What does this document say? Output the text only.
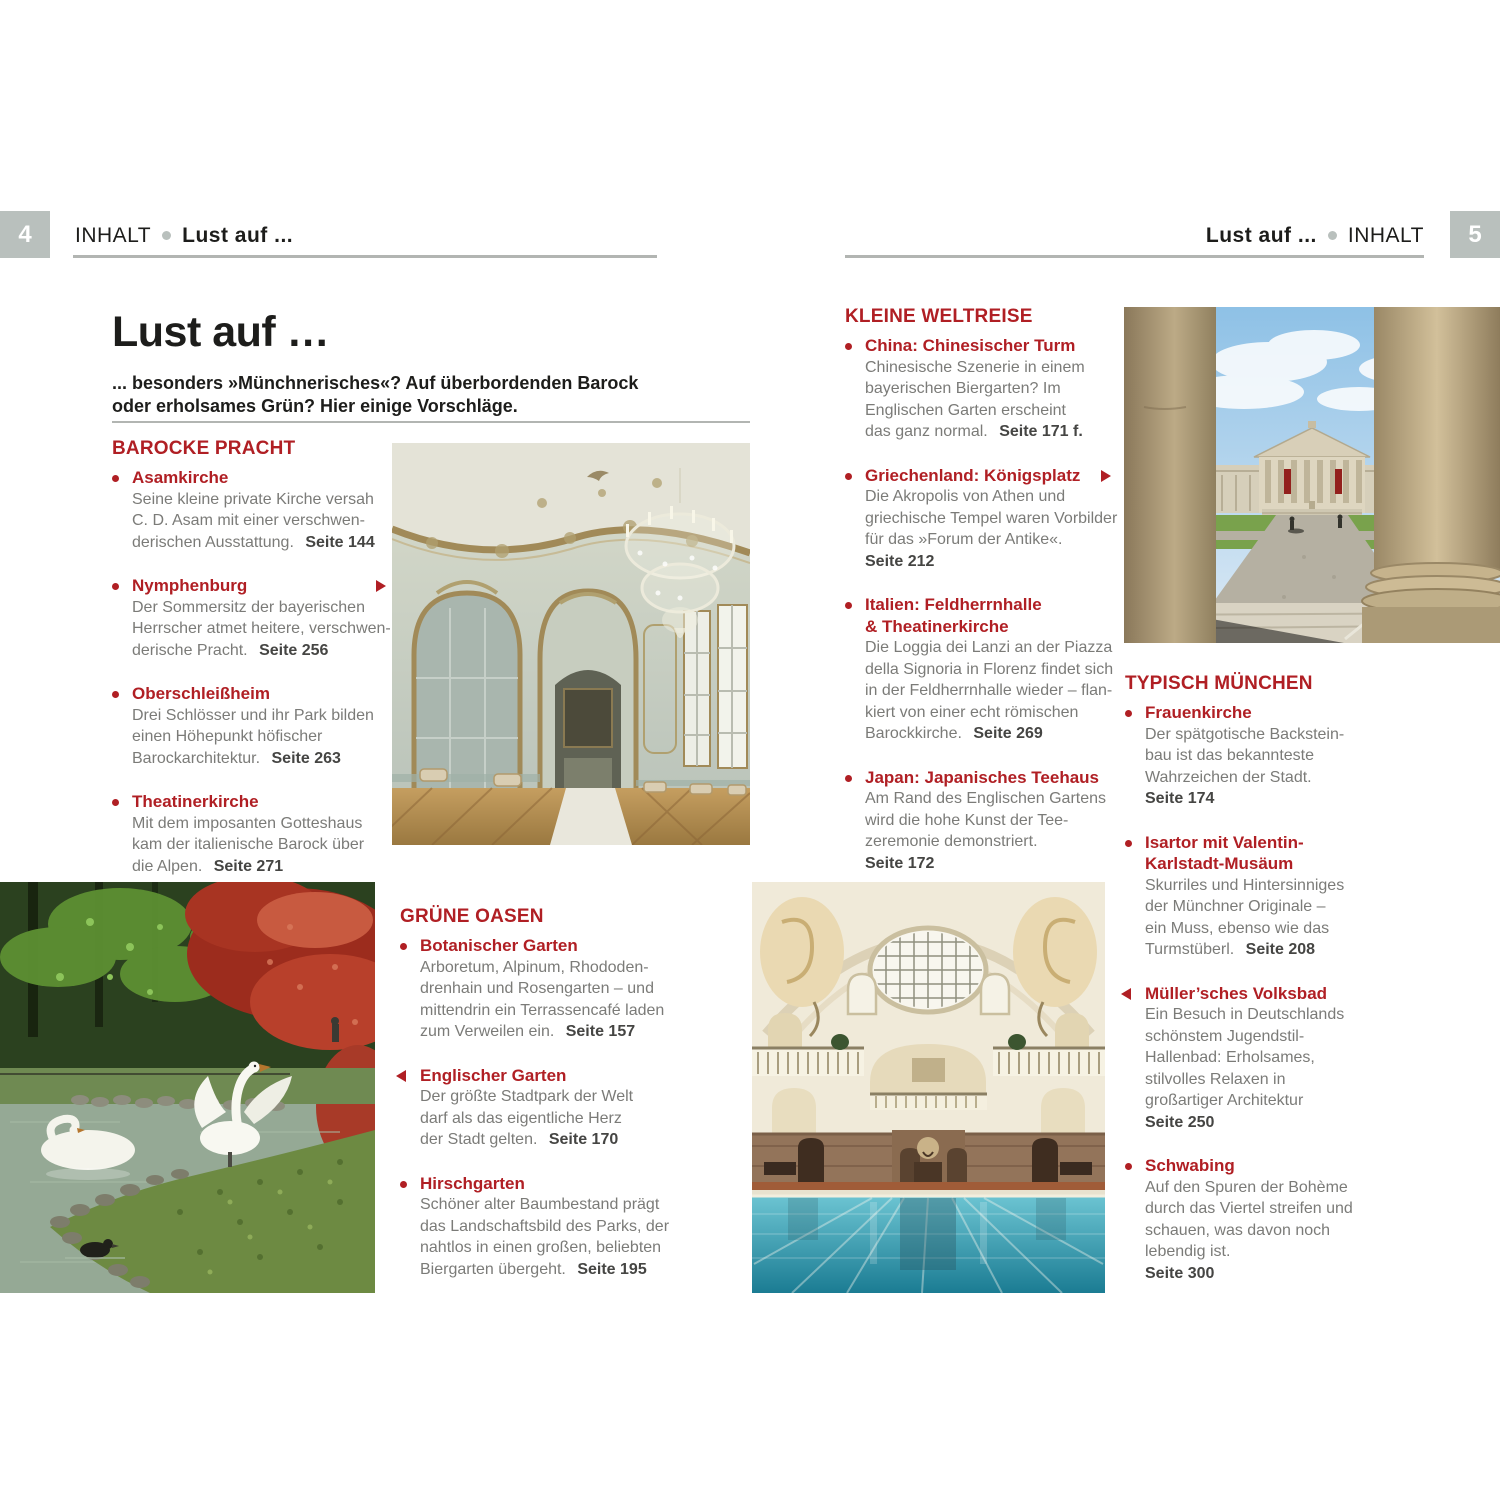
4	INHALT Lust auf ...	Lust auf ... INHALT	5
Lust auf …
... besonders »Münchnerisches«? Auf überbordenden Barock
oder erholsames Grün? Hier einige Vorschläge.
BAROCKE PRACHT
Asamkirche
Seine kleine private Kirche versah
C. D. Asam mit einer verschwen-
derischen Ausstattung. Seite 144
Nymphenburg
Der Sommersitz der bayerischen
Herrscher atmet heitere, verschwen-
derische Pracht. Seite 256
Oberschleißheim
Drei Schlösser und ihr Park bilden
einen Höhepunkt höfischer
Barockarchitektur. Seite 263
Theatinerkirche
Mit dem imposanten Gotteshaus
kam der italienische Barock über
die Alpen. Seite 271
GRÜNE OASEN
Botanischer Garten
Arboretum, Alpinum, Rhododen-
drenhain und Rosengarten – und
mittendrin ein Terrassencafé laden
zum Verweilen ein. Seite 157
Englischer Garten
Der größte Stadtpark der Welt
darf als das eigentliche Herz
der Stadt gelten. Seite 170
Hirschgarten
Schöner alter Baumbestand prägt
das Landschaftsbild des Parks, der
nahtlos in einen großen, beliebten
Biergarten übergeht. Seite 195
KLEINE WELTREISE
China: Chinesischer Turm
Chinesische Szenerie in einem
bayerischen Biergarten? Im
Englischen Garten erscheint
das ganz normal. Seite 171 f.
Griechenland: Königsplatz
Die Akropolis von Athen und
griechische Tempel waren Vorbilder
für das »Forum der Antike«.
Seite 212
Italien: Feldherrnhalle
& Theatinerkirche
Die Loggia dei Lanzi an der Piazza
della Signoria in Florenz findet sich
in der Feldherrnhalle wieder – flan-
kiert von einer echt römischen
Barockkirche. Seite 269
Japan: Japanisches Teehaus
Am Rand des Englischen Gartens
wird die hohe Kunst der Tee-
zeremonie demonstriert.
Seite 172
TYPISCH MÜNCHEN
Frauenkirche
Der spätgotische Backstein-
bau ist das bekannteste
Wahrzeichen der Stadt.
Seite 174
Isartor mit Valentin-
Karlstadt-Musäum
Skurriles und Hintersinniges
der Münchner Originale –
ein Muss, ebenso wie das
Turmstüberl. Seite 208
Müller’sches Volksbad
Ein Besuch in Deutschlands
schönstem Jugendstil-
Hallenbad: Erholsames,
stilvolles Relaxen in
großartiger Architektur
Seite 250
Schwabing
Auf den Spuren der Bohème
durch das Viertel streifen und
schauen, was davon noch
lebendig ist.
Seite 300
